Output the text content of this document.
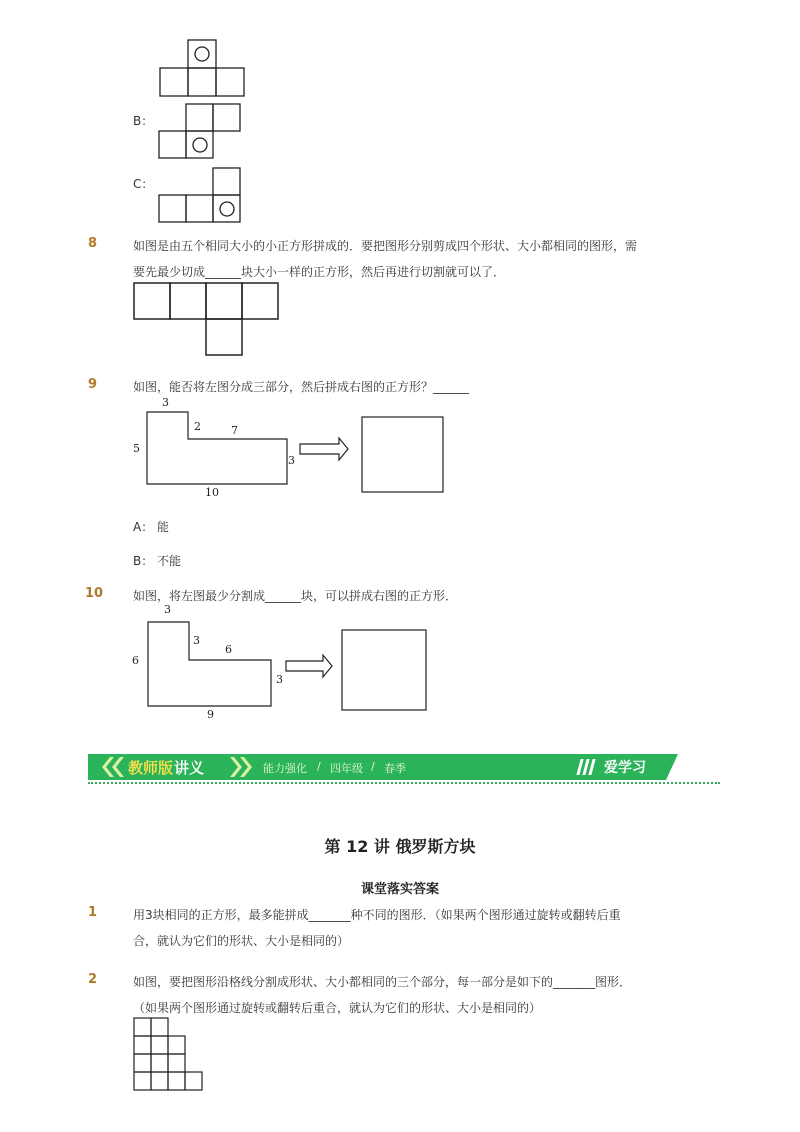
B：
C：
8	如图是由五个相同大小的小正方形拼成的．要把图形分别剪成四个形状、大小都相同的图形，需
要先最少切成______块大小一样的正方形，然后再进行切割就可以了．
9	如图，能否将左图分成三部分，然后拼成右图的正方形？______
3
2	7
5
3
10
A： 能
B： 不能
10 如图，将左图最少分割成______块，可以拼成右图的正方形．
3
3
6
6
3
9
教师版 讲义	能力强化 / 四年级 / 春季	爱学习
第 12 讲 俄罗斯方块
课堂落实答案
1	用3块相同的正方形，最多能拼成_______种不同的图形．（如果两个图形通过旋转或翻转后重
合，就认为它们的形状、大小是相同的）
2	如图，要把图形沿格线分割成形状、大小都相同的三个部分，每一部分是如下的_______图形．
（如果两个图形通过旋转或翻转后重合，就认为它们的形状、大小是相同的）
